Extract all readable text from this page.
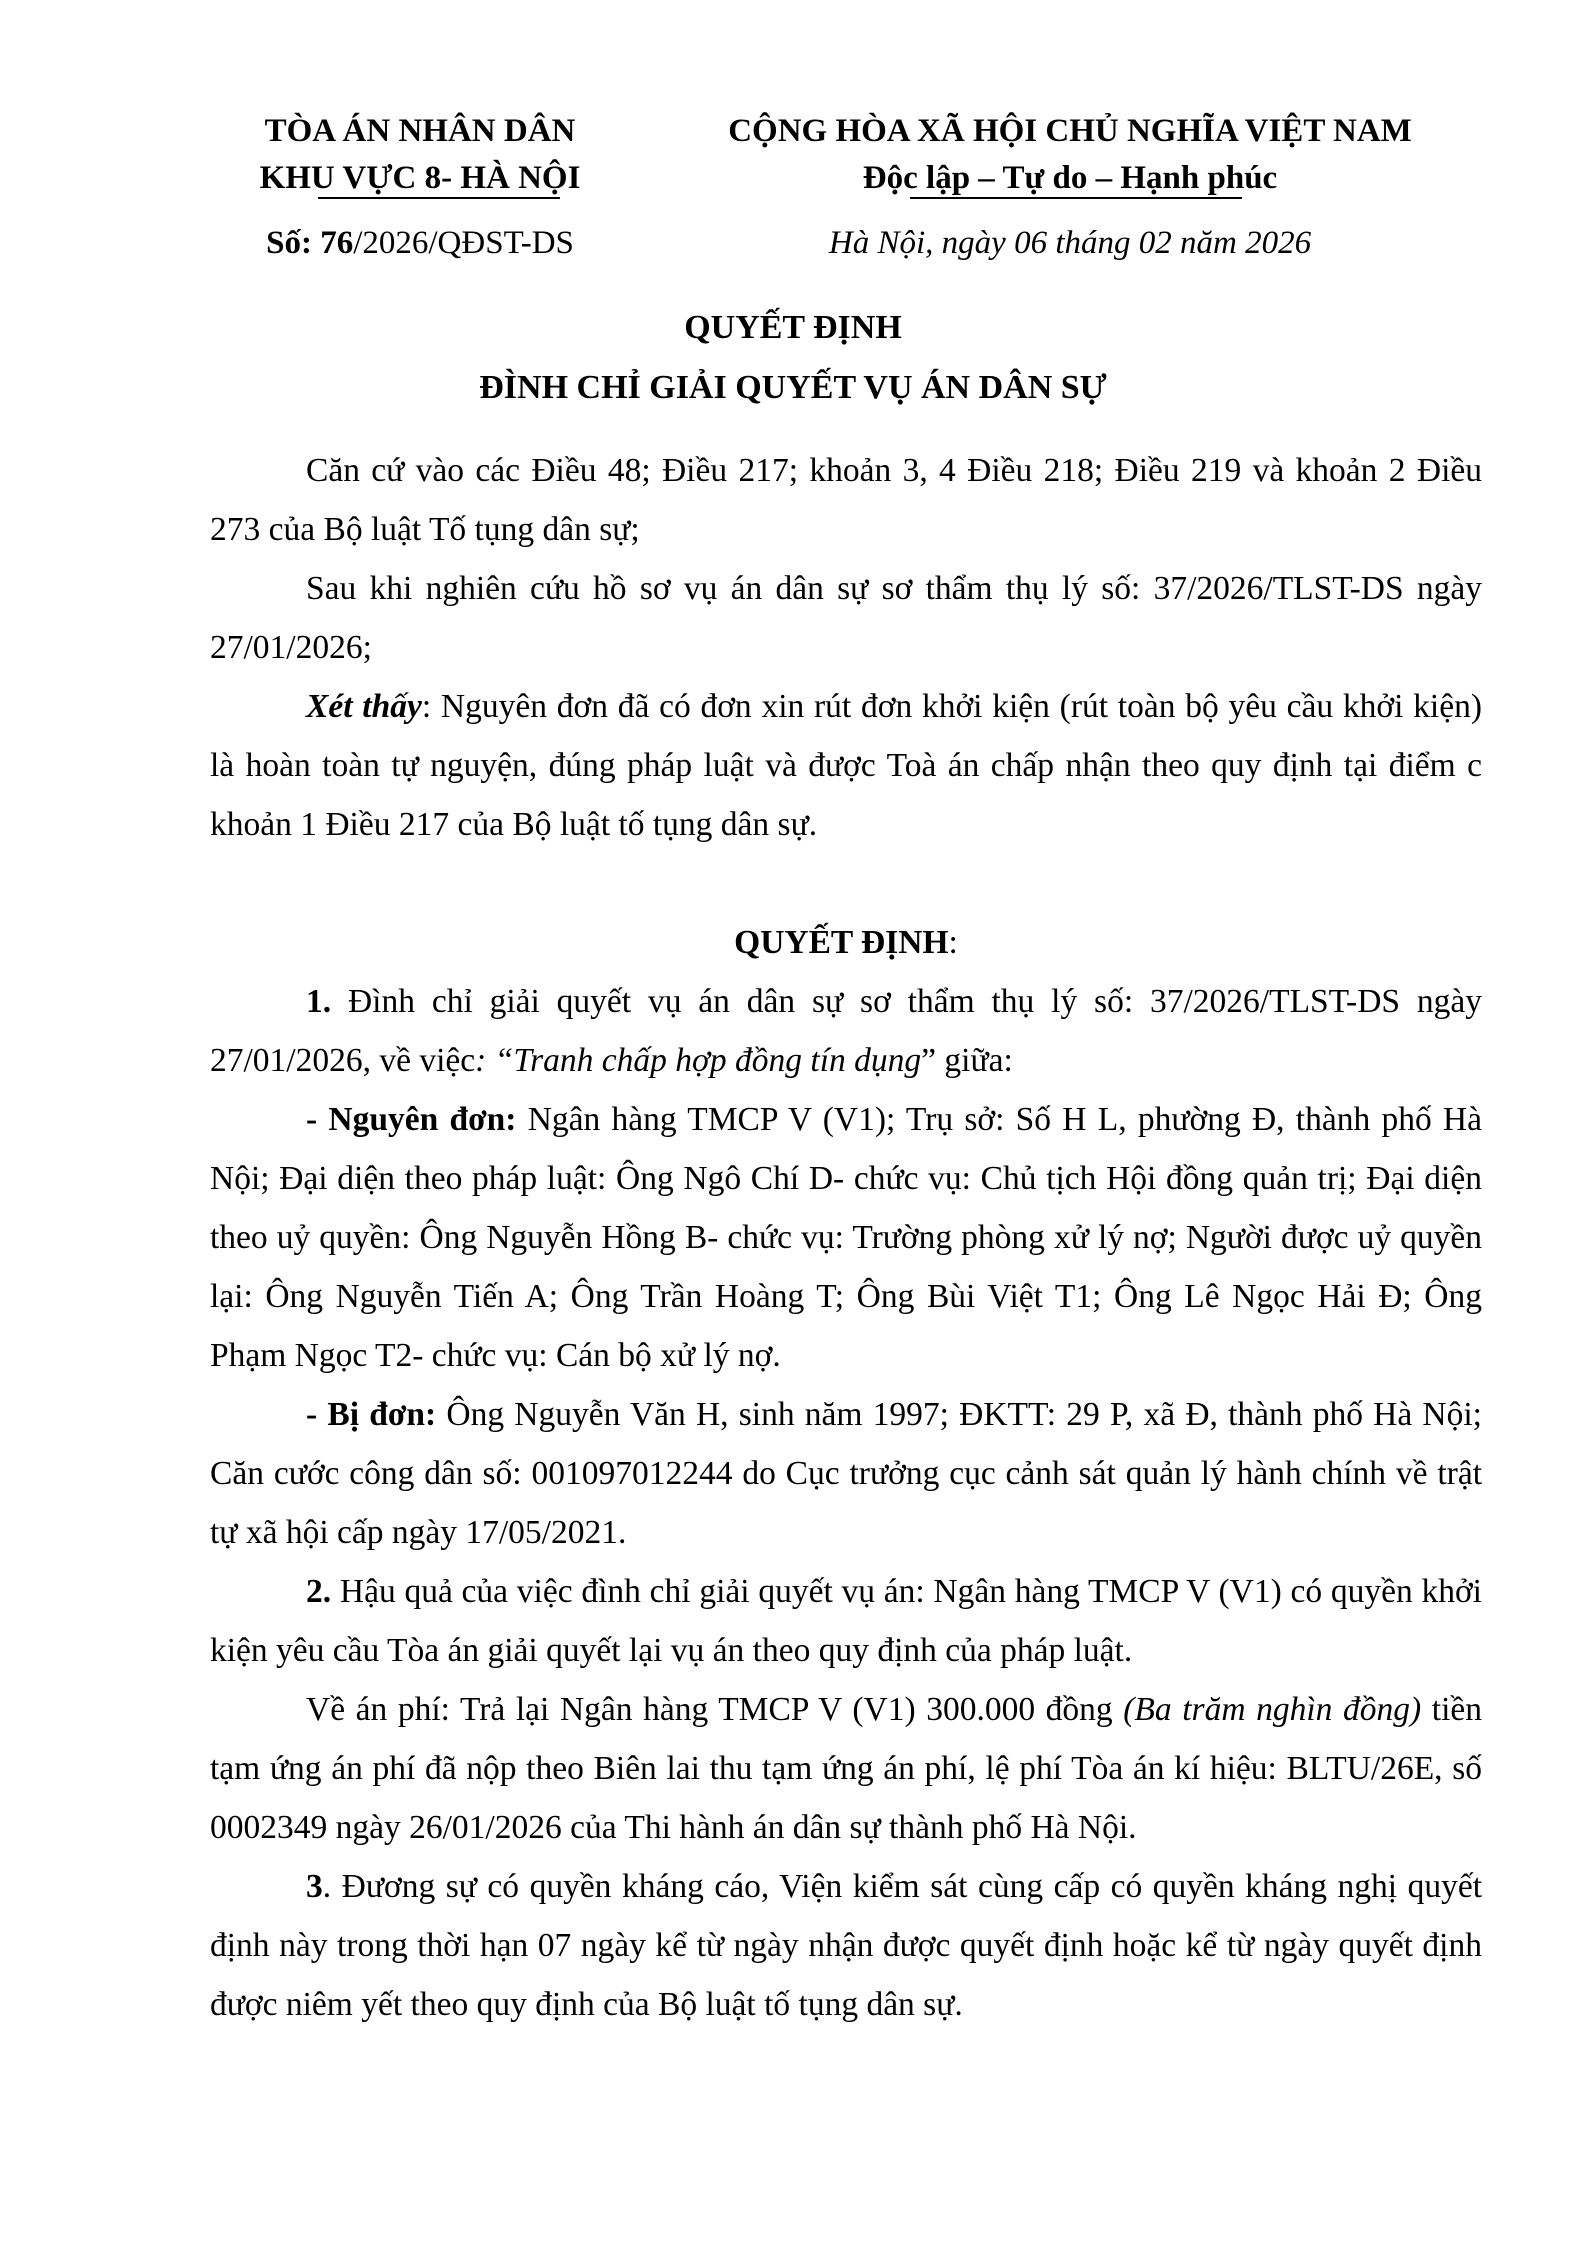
TÒA ÁN NHÂN DÂN
KHU VỰC 8- HÀ NỘI
CỘNG HÒA XÃ HỘI CHỦ NGHĨA VIỆT NAM
Độc lập – Tự do – Hạnh phúc
Số: 76/2026/QĐST-DS	Hà Nội, ngày 06 tháng 02 năm 2026
QUYẾT ĐỊNH
ĐÌNH CHỈ GIẢI QUYẾT VỤ ÁN DÂN SỰ

Căn cứ vào các Điều 48; Điều 217; khoản 3, 4 Điều 218; Điều 219 và khoản 2 Điều 273 của Bộ luật Tố tụng dân sự;

Sau khi nghiên cứu hồ sơ vụ án dân sự sơ thẩm thụ lý số: 37/2026/TLST-DS ngày 27/01/2026;

Xét thấy: Nguyên đơn đã có đơn xin rút đơn khởi kiện (rút toàn bộ yêu cầu khởi kiện) là hoàn toàn tự nguyện, đúng pháp luật và được Toà án chấp nhận theo quy định tại điểm c khoản 1 Điều 217 của Bộ luật tố tụng dân sự.

QUYẾT ĐỊNH:

1. Đình chỉ giải quyết vụ án dân sự sơ thẩm thụ lý số: 37/2026/TLST-DS ngày 27/01/2026, về việc: “Tranh chấp hợp đồng tín dụng” giữa:

- Nguyên đơn: Ngân hàng TMCP V (V1); Trụ sở: Số H L, phường Đ, thành phố Hà Nội; Đại diện theo pháp luật: Ông Ngô Chí D- chức vụ: Chủ tịch Hội đồng quản trị; Đại diện theo uỷ quyền: Ông Nguyễn Hồng B- chức vụ: Trường phòng xử lý nợ; Người được uỷ quyền lại: Ông Nguyễn Tiến A; Ông Trần Hoàng T; Ông Bùi Việt T1; Ông Lê Ngọc Hải Đ; Ông Phạm Ngọc T2- chức vụ: Cán bộ xử lý nợ.

- Bị đơn: Ông Nguyễn Văn H, sinh năm 1997; ĐKTT: 29 P, xã Đ, thành phố Hà Nội; Căn cước công dân số: 001097012244 do Cục trưởng cục cảnh sát quản lý hành chính về trật tự xã hội cấp ngày 17/05/2021.

2. Hậu quả của việc đình chỉ giải quyết vụ án: Ngân hàng TMCP V (V1) có quyền khởi kiện yêu cầu Tòa án giải quyết lại vụ án theo quy định của pháp luật.

Về án phí: Trả lại Ngân hàng TMCP V (V1) 300.000 đồng (Ba trăm nghìn đồng) tiền tạm ứng án phí đã nộp theo Biên lai thu tạm ứng án phí, lệ phí Tòa án kí hiệu: BLTU/26E, số 0002349 ngày 26/01/2026 của Thi hành án dân sự thành phố Hà Nội.

3. Đương sự có quyền kháng cáo, Viện kiểm sát cùng cấp có quyền kháng nghị quyết định này trong thời hạn 07 ngày kể từ ngày nhận được quyết định hoặc kể từ ngày quyết định được niêm yết theo quy định của Bộ luật tố tụng dân sự.
